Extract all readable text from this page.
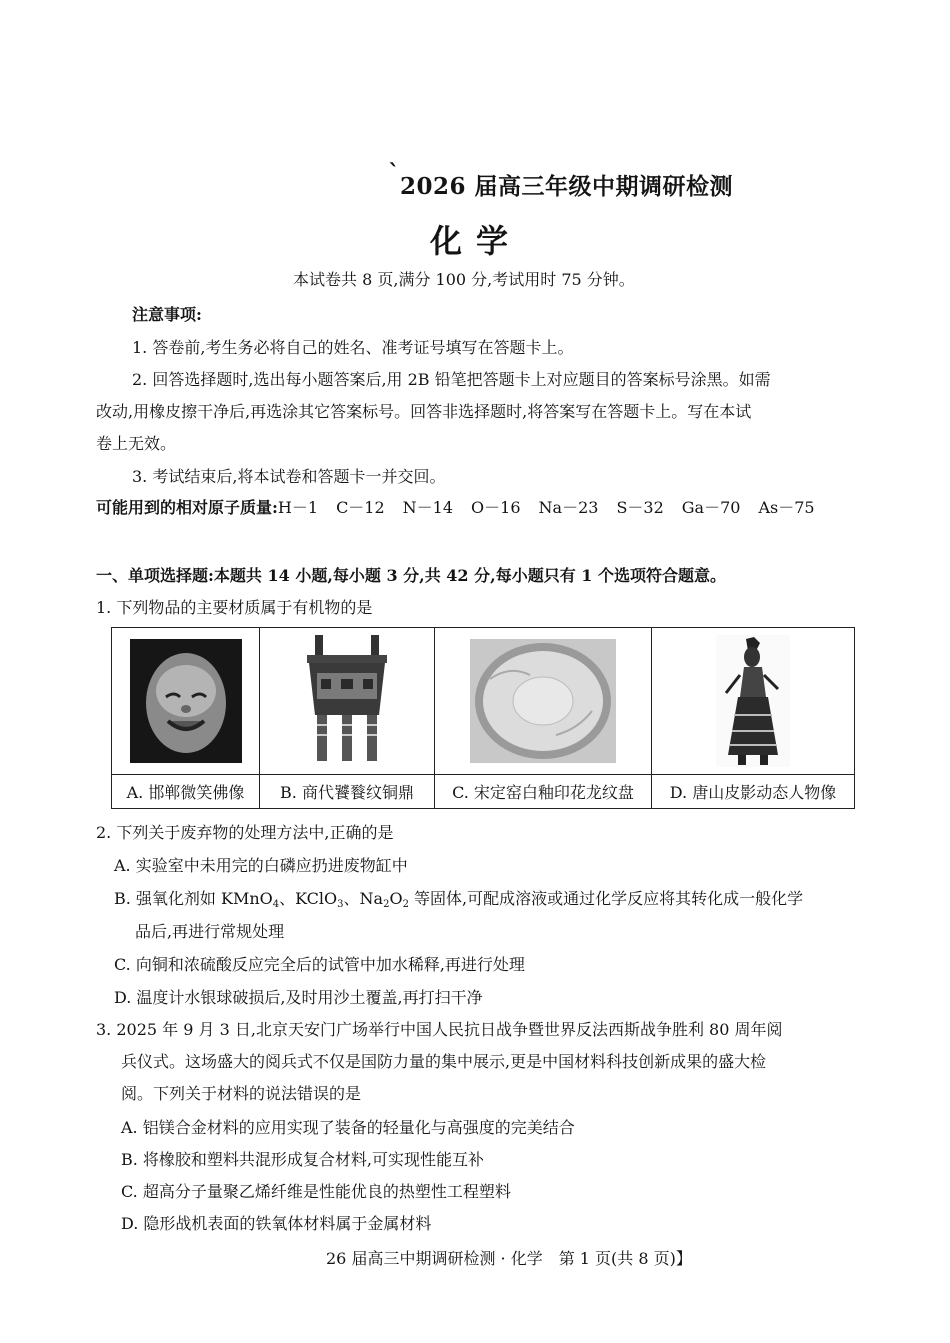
` 2026 届高三年级中期调研检测
化学
本试卷共 8 页,满分 100 分,考试用时 75 分钟。
注意事项:
1. 答卷前,考生务必将自己的姓名、准考证号填写在答题卡上。
2. 回答选择题时,选出每小题答案后,用 2B 铅笔把答题卡上对应题目的答案标号涂黑。如需
改动,用橡皮擦干净后,再选涂其它答案标号。回答非选择题时,将答案写在答题卡上。写在本试
卷上无效。
3. 考试结束后,将本试卷和答题卡一并交回。
可能用到的相对原子质量:H－1 C－12 N－14 O－16 Na－23 S－32 Ga－70 As－75
一、单项选择题:本题共 14 小题,每小题 3 分,共 42 分,每小题只有 1 个选项符合题意。
1. 下列物品的主要材质属于有机物的是
A. 邯郸微笑佛像	B. 商代饕餮纹铜鼎	C. 宋定窑白釉印花龙纹盘	D. 唐山皮影动态人物像
2. 下列关于废弃物的处理方法中,正确的是
A. 实验室中未用完的白磷应扔进废物缸中
B. 强氧化剂如 KMnO$_4$、KClO$_3$、$Na_2O_2$ 等固体,可配成溶液或通过化学反应将其转化成一般化学
品后,再进行常规处理
C. 向铜和浓硫酸反应完全后的试管中加水稀释,再进行处理
D. 温度计水银球破损后,及时用沙土覆盖,再打扫干净
3. 2025 年 9 月 3 日,北京天安门广场举行中国人民抗日战争暨世界反法西斯战争胜利 80 周年阅
兵仪式。这场盛大的阅兵式不仅是国防力量的集中展示,更是中国材料科技创新成果的盛大检
阅。下列关于材料的说法错误的是
A. 铝镁合金材料的应用实现了装备的轻量化与高强度的完美结合
B. 将橡胶和塑料共混形成复合材料,可实现性能互补
C. 超高分子量聚乙烯纤维是性能优良的热塑性工程塑料
D. 隐形战机表面的铁氧体材料属于金属材料
26 届高三中期调研检测 · 化学　第 1 页(共 8 页)】
